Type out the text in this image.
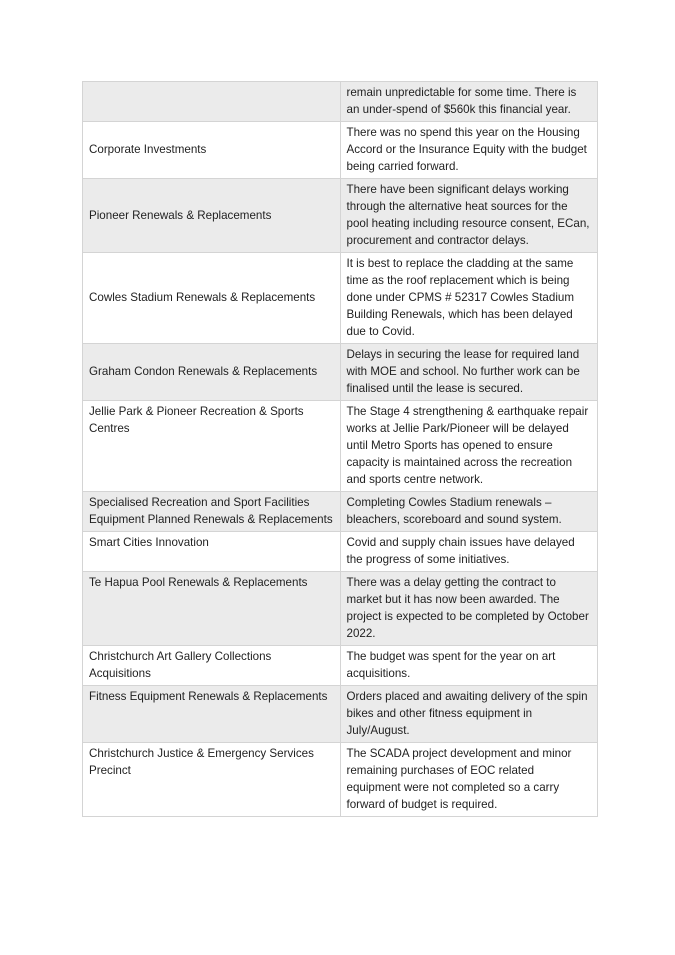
	remain unpredictable for some time. There is an under-spend of $560k this financial year.
Corporate Investments	There was no spend this year on the Housing Accord or the Insurance Equity with the budget being carried forward.
Pioneer Renewals & Replacements	There have been significant delays working through the alternative heat sources for the pool heating including resource consent, ECan, procurement and contractor delays.
Cowles Stadium Renewals & Replacements	It is best to replace the cladding at the same time as the roof replacement which is being done under CPMS # 52317 Cowles Stadium Building Renewals, which has been delayed due to Covid.
Graham Condon Renewals & Replacements	Delays in securing the lease for required land with MOE and school. No further work can be finalised until the lease is secured.
Jellie Park & Pioneer Recreation & Sports Centres	The Stage 4 strengthening & earthquake repair works at Jellie Park/Pioneer will be delayed until Metro Sports has opened to ensure capacity is maintained across the recreation and sports centre network.
Specialised Recreation and Sport Facilities Equipment Planned Renewals & Replacements	Completing Cowles Stadium renewals – bleachers, scoreboard and sound system.
Smart Cities Innovation	Covid and supply chain issues have delayed the progress of some initiatives.
Te Hapua Pool Renewals & Replacements	There was a delay getting the contract to market but it has now been awarded. The project is expected to be completed by October 2022.
Christchurch Art Gallery Collections Acquisitions	The budget was spent for the year on art acquisitions.
Fitness Equipment Renewals & Replacements	Orders placed and awaiting delivery of the spin bikes and other fitness equipment in July/August.
Christchurch Justice & Emergency Services Precinct	The SCADA project development and minor remaining purchases of EOC related equipment were not completed so a carry forward of budget is required.
